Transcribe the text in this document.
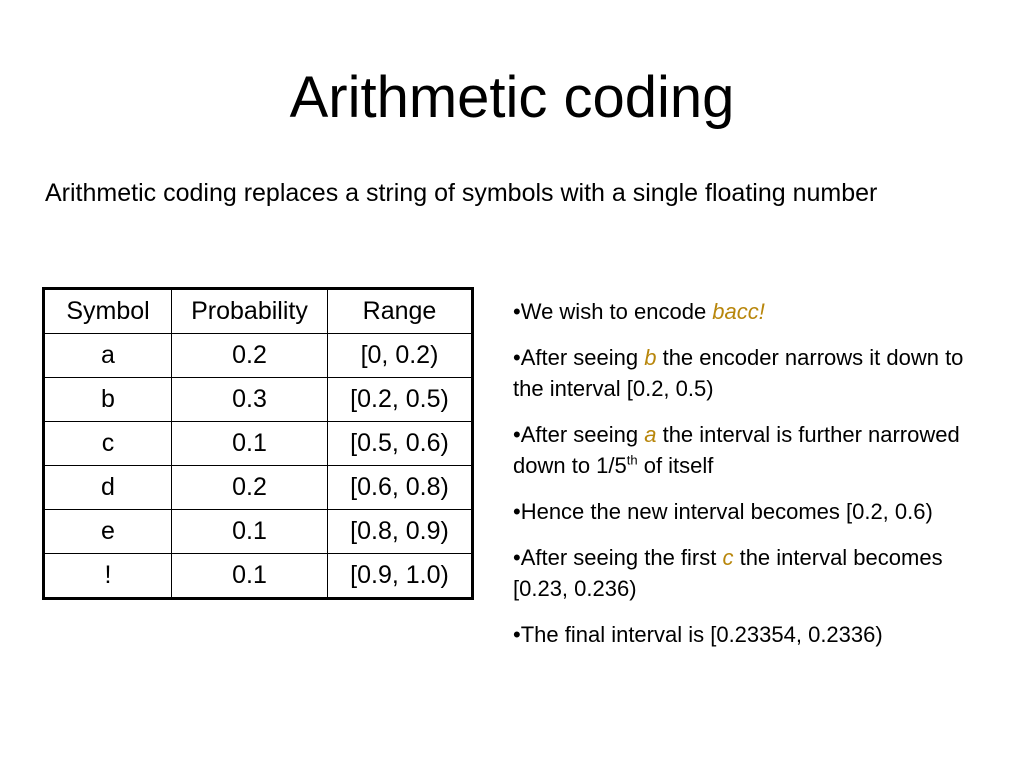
Arithmetic coding

Arithmetic coding replaces a string of symbols with a single floating number

Symbol	Probability	Range
a	0.2	[0, 0.2)
b	0.3	[0.2, 0.5)
c	0.1	[0.5, 0.6)
d	0.2	[0.6, 0.8)
e	0.1	[0.8, 0.9)
!	0.1	[0.9, 1.0)
•We wish to encode bacc!
•After seeing b the encoder narrows it down to the interval [0.2, 0.5)
•After seeing a the interval is further narrowed down to 1/5th of itself
•Hence the new interval becomes [0.2, 0.6)
•After seeing the first c the interval becomes [0.23, 0.236)
•The final interval is [0.23354, 0.2336)
